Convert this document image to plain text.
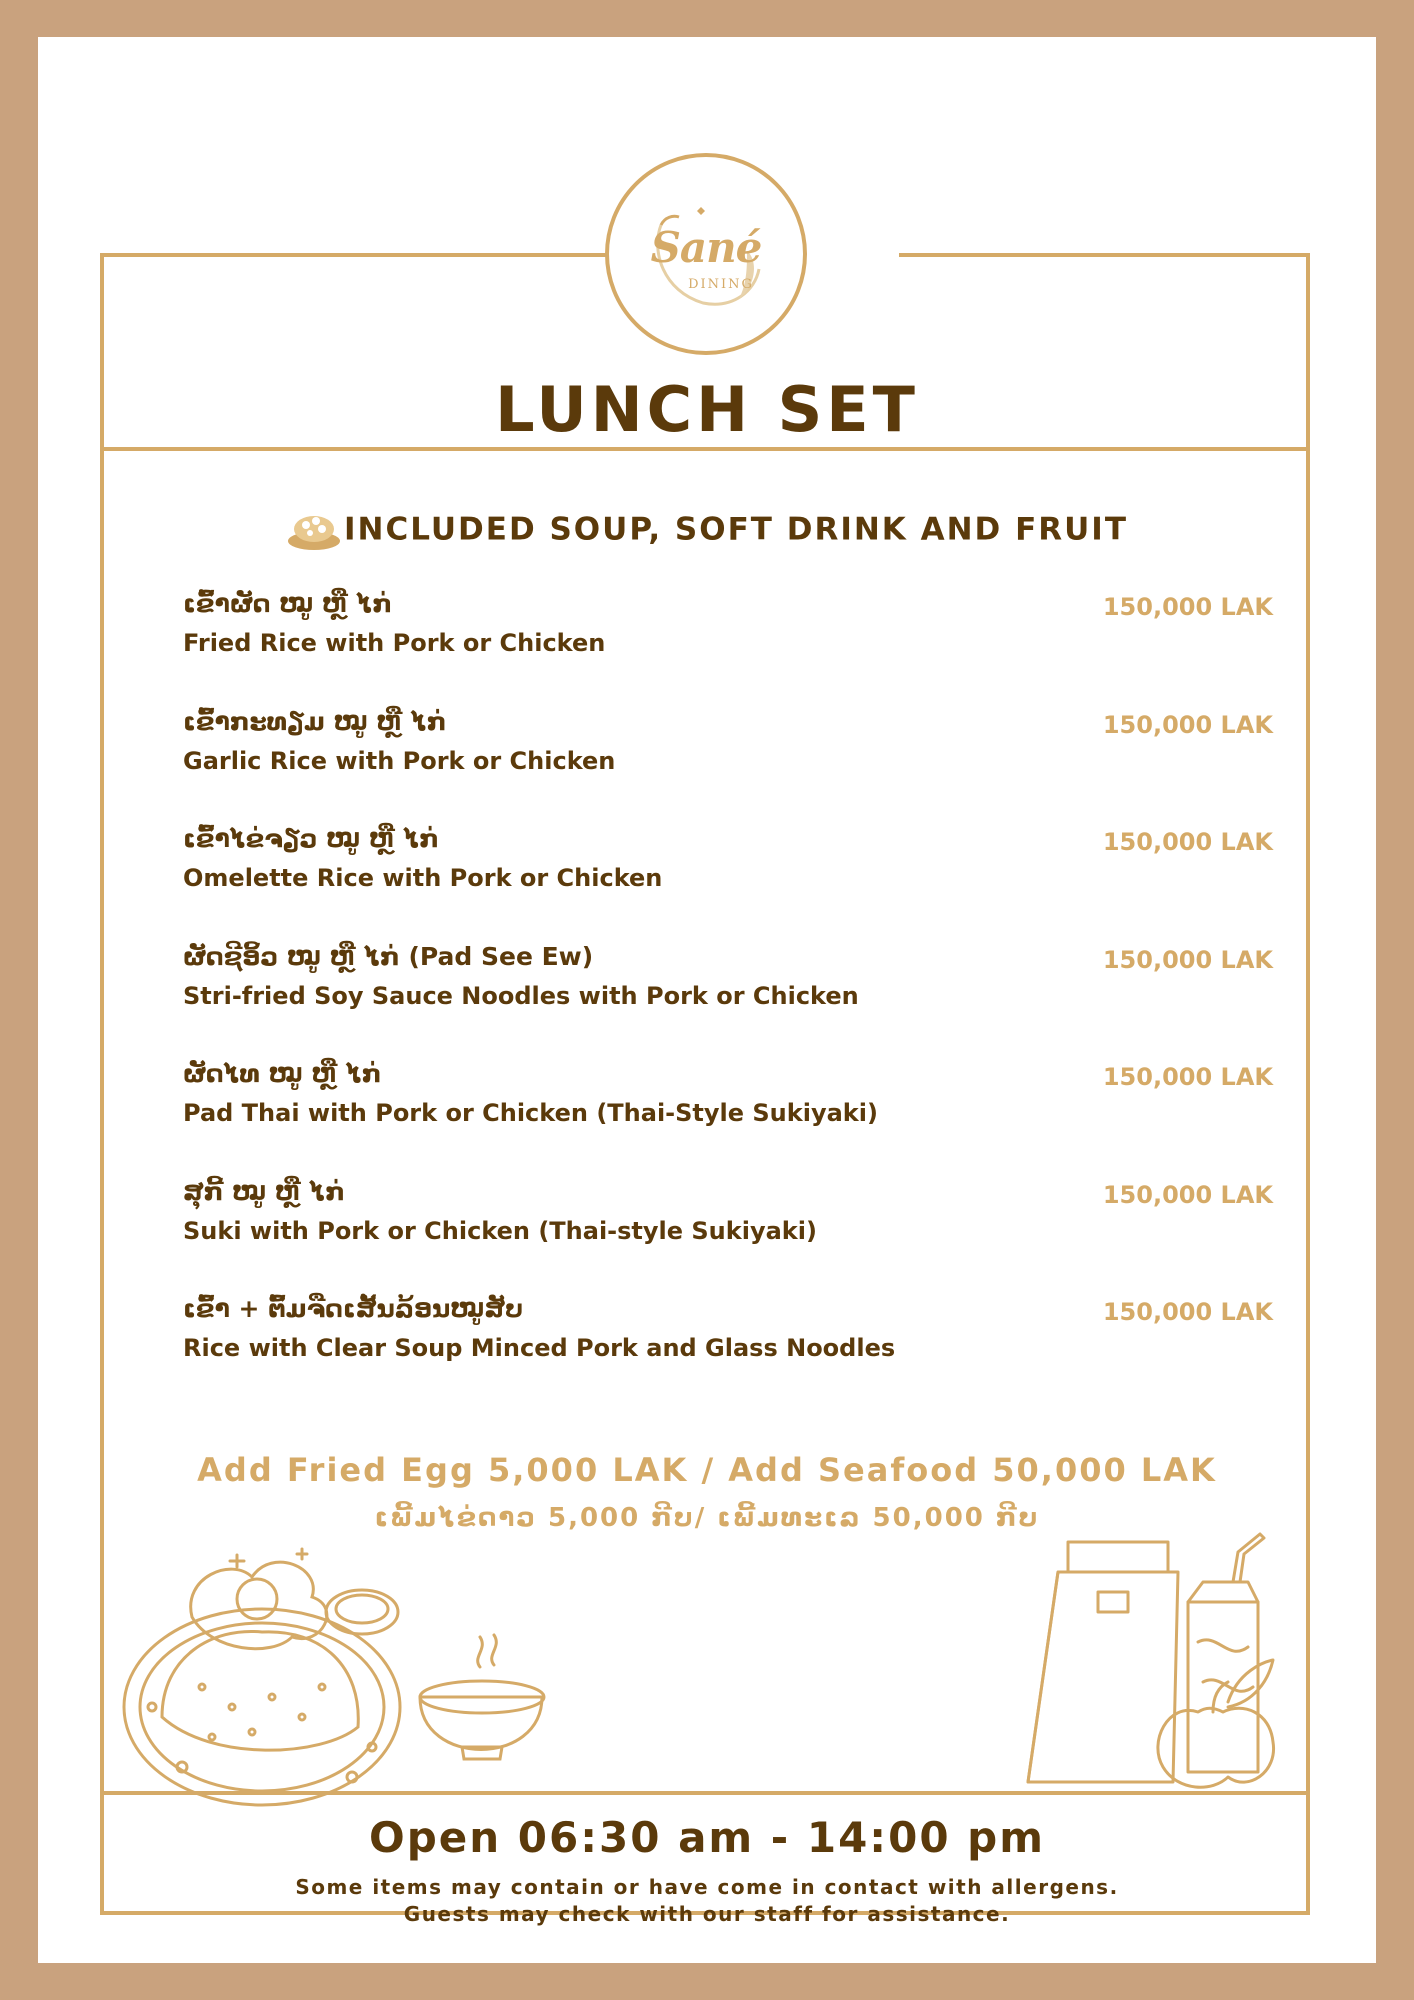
Sané
DINING
LUNCH SET
INCLUDED SOUP, SOFT DRINK AND FRUIT
ເຂົ້າຜັດ ໝູ ຫຼື ໄກ່
Fried Rice with Pork or Chicken
150,000 LAK
ເຂົ້າກະທຽມ ໝູ ຫຼື ໄກ່
Garlic Rice with Pork or Chicken
150,000 LAK
ເຂົ້າໄຂ່ຈຽວ ໝູ ຫຼື ໄກ່
Omelette Rice with Pork or Chicken
150,000 LAK
ຜັດຊີອິ້ວ ໝູ ຫຼື ໄກ່ (Pad See Ew)
Stri-fried Soy Sauce Noodles with Pork or Chicken
150,000 LAK
ຜັດໄທ ໝູ ຫຼື ໄກ່
Pad Thai with Pork or Chicken (Thai-Style Sukiyaki)
150,000 LAK
ສຸກີ້ ໝູ ຫຼື ໄກ່
Suki with Pork or Chicken (Thai-style Sukiyaki)
150,000 LAK
ເຂົ້າ + ຕົ້ມຈືດເສັ້ນລ້ອນໝູສັບ
Rice with Clear Soup Minced Pork and Glass Noodles
150,000 LAK
Add Fried Egg 5,000 LAK / Add Seafood 50,000 LAK
ເພີ້ມໄຂ່ດາວ 5,000 ກີບ/ ເພີ້ມທະເລ 50,000 ກີບ
Open 06:30 am - 14:00 pm
Some items may contain or have come in contact with allergens.
Guests may check with our staff for assistance.
